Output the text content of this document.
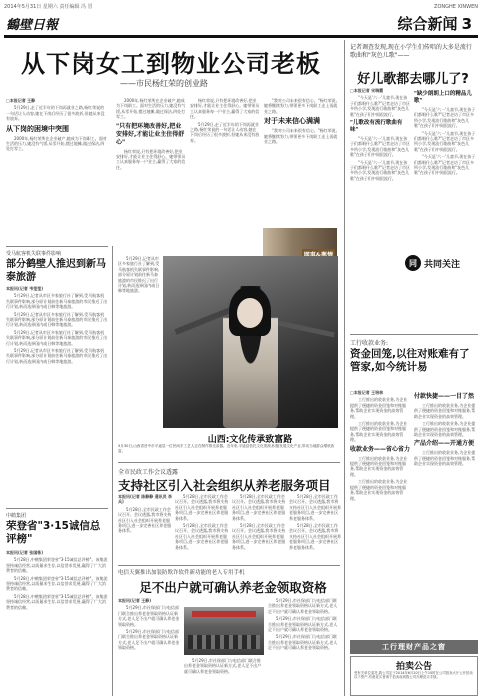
2014年5月31日 星期六 责任编辑 冯 冒	ZONGHE XINWEN
鶴壁日報	综合新闻 3
从下岗女工到物业公司老板
——市民杨红荣的创业路

□本报记者 王静

5月29日,走了近半年的下岗再就业之路,杨红荣说的一句话让人动容,她在下岗后经历了很多波折,但她从来没有放弃。

从下岗的困境中突围

2000年,杨红荣所在企业破产,她成为下岗职工。面对生活的压力,她没有气馁,从零开始,摆过地摊,做过保洁,四处打零工。

2000年,杨红荣所在企业破产,她成为下岗职工。面对生活的压力,她没有气馁,从零开始,摆过地摊,做过保洁,四处打零工。

"只有把环境改善好,把业安排好,才能让业主住得舒心"

杨红荣说,只有把环境改善好,把业安排好,才能让业主住得舒心。她带领员工认真服务每一户业主,赢得了大家的信任。

杨红荣说,只有把环境改善好,把业安排好,才能让业主住得舒心。她带领员工认真服务每一户业主,赢得了大家的信任。

5月29日,走了近半年的下岗再就业之路,杨红荣说的一句话让人动容,她在下岗后经历了很多波折,但她从来没有放弃。

"我对公司未来很有信心。"杨红荣说,她将继续努力,带领更多下岗职工走上再就业之路。

对于未来信心满满

"我对公司未来很有信心。"杨红荣说,她将继续努力,带领更多下岗职工走上再就业之路。

5月29日,记者从市区多家旅行社了解到,受马航客机失联事件影响,部分原计划前往新马泰旅游的市民推迟了出行计划,转而选择国内或日韩等地旅游。

山西:文化传承致富路
5月30日,山西省晋中市平遥县一位民间手工艺人正在制作推光漆器。近年来,平遥县依托文化资源,积极发展文化产业,带动当地群众增收致富。
受马航客机失联事件影响
部分鹤壁人推迟到新马泰旅游

本报讯(记者 韦莹莹)

5月29日,记者从市区多家旅行社了解到,受马航客机失联事件影响,部分原计划前往新马泰旅游的市民推迟了出行计划,转而选择国内或日韩等地旅游。

5月29日,记者从市区多家旅行社了解到,受马航客机失联事件影响,部分原计划前往新马泰旅游的市民推迟了出行计划,转而选择国内或日韩等地旅游。

5月29日,记者从市区多家旅行社了解到,受马航客机失联事件影响,部分原计划前往新马泰旅游的市民推迟了出行计划,转而选择国内或日韩等地旅游。

5月29日,记者从市区多家旅行社了解到,受马航客机失联事件影响,部分原计划前往新马泰旅游的市民推迟了出行计划,转而选择国内或日韩等地旅游。

中鹤集团
荣登省"3·15诚信总评榜"

本报讯(记者 张国栋)

5月28日,中鹤集团荣登省"3·15诚信总评榜"。该集团坚持诚信经营,以质量求生存,以信誉求发展,赢得了广大消费者的信赖。

5月28日,中鹤集团荣登省"3·15诚信总评榜"。该集团坚持诚信经营,以质量求生存,以信誉求发展,赢得了广大消费者的信赖。

5月28日,中鹤集团荣登省"3·15诚信总评榜"。该集团坚持诚信经营,以质量求生存,以信誉求发展,赢得了广大消费者的信赖。

全市民政工作会议透露
支持社区引入社会组织从养老服务项目

本报讯(记者 陈静静 通讯员 李兵)

5月28日,全市民政工作会议召开。会议透露,我市将支持社区引入社会组织开展养老服务项目,进一步完善社区养老服务体系。

5月28日,全市民政工作会议召开。会议透露,我市将支持社区引入社会组织开展养老服务项目,进一步完善社区养老服务体系。

5月28日,全市民政工作会议召开。会议透露,我市将支持社区引入社会组织开展养老服务项目,进一步完善社区养老服务体系。

5月28日,全市民政工作会议召开。会议透露,我市将支持社区引入社会组织开展养老服务项目,进一步完善社区养老服务体系。

5月28日,全市民政工作会议召开。会议透露,我市将支持社区引入社会组织开展养老服务项目,进一步完善社区养老服务体系。

5月28日,全市民政工作会议召开。会议透露,我市将支持社区引入社会组织开展养老服务项目,进一步完善社区养老服务体系。

5月28日,全市民政工作会议召开。会议透露,我市将支持社区引入社会组织开展养老服务项目,进一步完善社区养老服务体系。

电信天翼推出加装防欺诈软件新功能的老人专用手机
足不出户就可确认养老金领取资格

本报讯(记者 王静)

5月29日,市社保部门与电信部门联合推出养老金领取资格认证新方式,老人足不出户就可确认养老金领取资格。

5月29日,市社保部门与电信部门联合推出养老金领取资格认证新方式,老人足不出户就可确认养老金领取资格。

5月29日,市社保部门与电信部门联合推出养老金领取资格认证新方式,老人足不出户就可确认养老金领取资格。

5月29日,市社保部门与电信部门联合推出养老金领取资格认证新方式,老人足不出户就可确认养老金领取资格。

5月29日,市社保部门与电信部门联合推出养老金领取资格认证新方式,老人足不出户就可确认养老金领取资格。

5月29日,市社保部门与电信部门联合推出养老金领取资格认证新方式,老人足不出户就可确认养老金领取资格。

记者调查发现,现在小学生们传唱的大多是流行歌曲和"灰色儿歌"——
好儿歌都去哪儿了?

□本报记者 宋瑞霞

"今天是'六一'儿童节,现在孩子们都唱什么歌?"记者走访了市区多所小学,发现流行歌曲和"灰色儿歌"在孩子们中间很流行。

"儿歌改有流行歌曲有味"

"今天是'六一'儿童节,现在孩子们都唱什么歌?"记者走访了市区多所小学,发现流行歌曲和"灰色儿歌"在孩子们中间很流行。

"今天是'六一'儿童节,现在孩子们都唱什么歌?"记者走访了市区多所小学,发现流行歌曲和"灰色儿歌"在孩子们中间很流行。

"缺少朗朗上口的精品儿歌"

"今天是'六一'儿童节,现在孩子们都唱什么歌?"记者走访了市区多所小学,发现流行歌曲和"灰色儿歌"在孩子们中间很流行。

"今天是'六一'儿童节,现在孩子们都唱什么歌?"记者走访了市区多所小学,发现流行歌曲和"灰色儿歌"在孩子们中间很流行。

"今天是'六一'儿童节,现在孩子们都唱什么歌?"记者走访了市区多所小学,发现流行歌曲和"灰色儿歌"在孩子们中间很流行。

同 共同关注
工行收款业务:
资金回笼,以往对账难有了管家,如今统计易

□本报记者 王培林

工行推出的收款业务,为企业提供了便捷的资金回笼和对账服务,帮助企业实现资金的高效管理。

工行推出的收款业务,为企业提供了便捷的资金回笼和对账服务,帮助企业实现资金的高效管理。

收款业务——省心省力

工行推出的收款业务,为企业提供了便捷的资金回笼和对账服务,帮助企业实现资金的高效管理。

工行推出的收款业务,为企业提供了便捷的资金回笼和对账服务,帮助企业实现资金的高效管理。

付款快捷——一目了然

工行推出的收款业务,为企业提供了便捷的资金回笼和对账服务,帮助企业实现资金的高效管理。

工行推出的收款业务,为企业提供了便捷的资金回笼和对账服务,帮助企业实现资金的高效管理。

产品介绍——开通方便

工行推出的收款业务,为企业提供了便捷的资金回笼和对账服务,帮助企业实现资金的高效管理。

工行理财产品之窗
拍卖公告
受有关单位委托,我公司定于2014年6月20日上午10时在公司拍卖大厅公开拍卖以下资产,有意竞买者请于拍卖前到我公司办理竞买手续。
